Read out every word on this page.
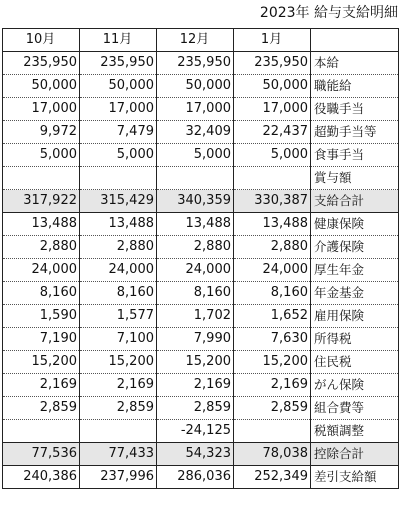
2023年 給与支給明細
10月	11月	12月	1月	
235,950	235,950	235,950	235,950	本給
50,000	50,000	50,000	50,000	職能給
17,000	17,000	17,000	17,000	役職手当
9,972	7,479	32,409	22,437	超勤手当等
5,000	5,000	5,000	5,000	食事手当
				賞与額
317,922	315,429	340,359	330,387	支給合計
13,488	13,488	13,488	13,488	健康保険
2,880	2,880	2,880	2,880	介護保険
24,000	24,000	24,000	24,000	厚生年金
8,160	8,160	8,160	8,160	年金基金
1,590	1,577	1,702	1,652	雇用保険
7,190	7,100	7,990	7,630	所得税
15,200	15,200	15,200	15,200	住民税
2,169	2,169	2,169	2,169	がん保険
2,859	2,859	2,859	2,859	組合費等
		-24,125		税額調整
77,536	77,433	54,323	78,038	控除合計
240,386	237,996	286,036	252,349	差引支給額
